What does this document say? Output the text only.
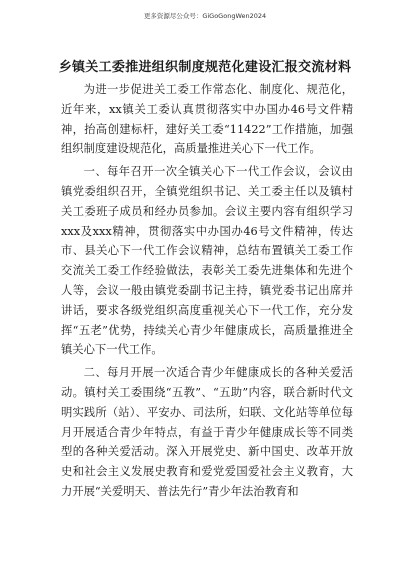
更多资源尽公众号：GiGoGongWen2024
乡镇关工委推进组织制度规范化建设汇报交流材料

为进一步促进关工委工作常态化、制度化、规范化，近年来，xx镇关工委认真贯彻落实中办国办46号文件精神，抬高创建标杆，建好关工委“11422”工作措施，加强组织制度建设规范化，高质量推进关心下一代工作。

一、每年召开一次全镇关心下一代工作会议，会议由镇党委组织召开，全镇党组织书记、关工委主任以及镇村关工委班子成员和经办员参加。会议主要内容有组织学习xxx及xxx精神，贯彻落实中办国办46号文件精神，传达市、县关心下一代工作会议精神，总结布置镇关工委工作交流关工委工作经验做法，表彰关工委先进集体和先进个人等，会议一般由镇党委副书记主持，镇党委书记出席并讲话，要求各级党组织高度重视关心下一代工作，充分发挥“五老”优势，持续关心青少年健康成长，高质量推进全镇关心下一代工作。

二、每月开展一次适合青少年健康成长的各种关爱活动。镇村关工委围绕“五教”、“五助”内容，联合新时代文明实践所（站）、平安办、司法所，妇联、文化站等单位每月开展适合青少年特点，有益于青少年健康成长等不同类型的各种关爱活动。深入开展党史、新中国史、改革开放史和社会主义发展史教育和爱党爱国爱社会主义教育，大力开展“关爱明天、普法先行”青少年法治教育和
